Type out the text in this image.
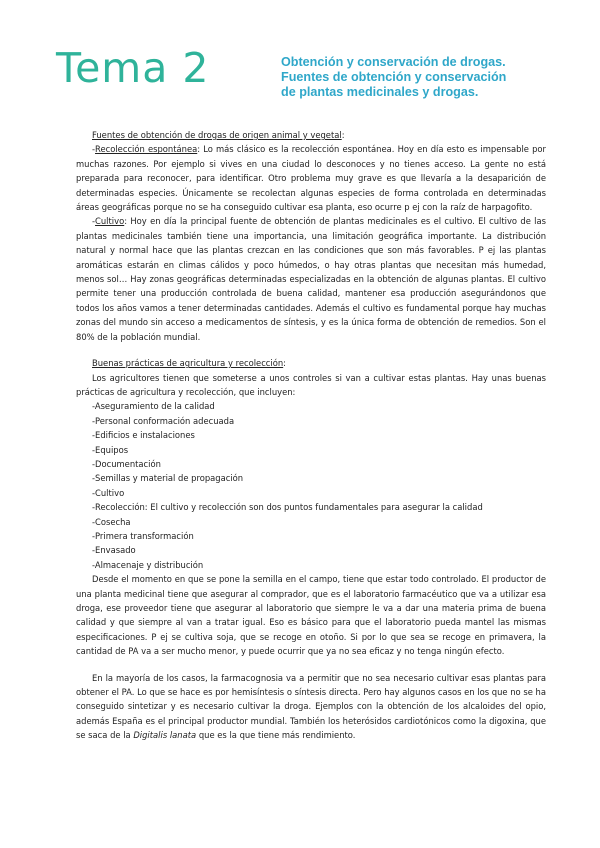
Tema 2	Obtención y conservación de drogas.
Fuentes de obtención y conservación
de plantas medicinales y drogas.

Fuentes de obtención de drogas de origen animal y vegetal:

-Recolección espontánea: Lo más clásico es la recolección espontánea. Hoy en día esto es impensable por muchas razones. Por ejemplo si vives en una ciudad lo desconoces y no tienes acceso. La gente no está preparada para reconocer, para identificar. Otro problema muy grave es que llevaría a la desaparición de determinadas especies. Únicamente se recolectan algunas especies de forma controlada en determinadas áreas geográficas porque no se ha conseguido cultivar esa planta, eso ocurre p ej con la raíz de harpagofito.

-Cultivo: Hoy en día la principal fuente de obtención de plantas medicinales es el cultivo. El cultivo de las plantas medicinales también tiene una importancia, una limitación geográfica importante. La distribución natural y normal hace que las plantas crezcan en las condiciones que son más favorables. P ej las plantas aromáticas estarán en climas cálidos y poco húmedos, o hay otras plantas que necesitan más humedad, menos sol… Hay zonas geográficas determinadas especializadas en la obtención de algunas plantas. El cultivo permite tener una producción controlada de buena calidad, mantener esa producción asegurándonos que todos los años vamos a tener determinadas cantidades. Además el cultivo es fundamental porque hay muchas zonas del mundo sin acceso a medicamentos de síntesis, y es la única forma de obtención de remedios. Son el 80% de la población mundial.

Buenas prácticas de agricultura y recolección:

Los agricultores tienen que someterse a unos controles si van a cultivar estas plantas. Hay unas buenas prácticas de agricultura y recolección, que incluyen:

-Aseguramiento de la calidad
-Personal conformación adecuada
-Edificios e instalaciones
-Equipos
-Documentación
-Semillas y material de propagación
-Cultivo
-Recolección: El cultivo y recolección son dos puntos fundamentales para asegurar la calidad
-Cosecha
-Primera transformación
-Envasado
-Almacenaje y distribución

Desde el momento en que se pone la semilla en el campo, tiene que estar todo controlado. El productor de una planta medicinal tiene que asegurar al comprador, que es el laboratorio farmacéutico que va a utilizar esa droga, ese proveedor tiene que asegurar al laboratorio que siempre le va a dar una materia prima de buena calidad y que siempre al van a tratar igual. Eso es básico para que el laboratorio pueda mantel las mismas especificaciones. P ej se cultiva soja, que se recoge en otoño. Si por lo que sea se recoge en primavera, la cantidad de PA va a ser mucho menor, y puede ocurrir que ya no sea eficaz y no tenga ningún efecto.

En la mayoría de los casos, la farmacognosia va a permitir que no sea necesario cultivar esas plantas para obtener el PA. Lo que se hace es por hemisíntesis o síntesis directa. Pero hay algunos casos en los que no se ha conseguido sintetizar y es necesario cultivar la droga. Ejemplos con la obtención de los alcaloides del opio, además España es el principal productor mundial. También los heterósidos cardiotónicos como la digoxina, que se saca de la Digitalis lanata que es la que tiene más rendimiento.
